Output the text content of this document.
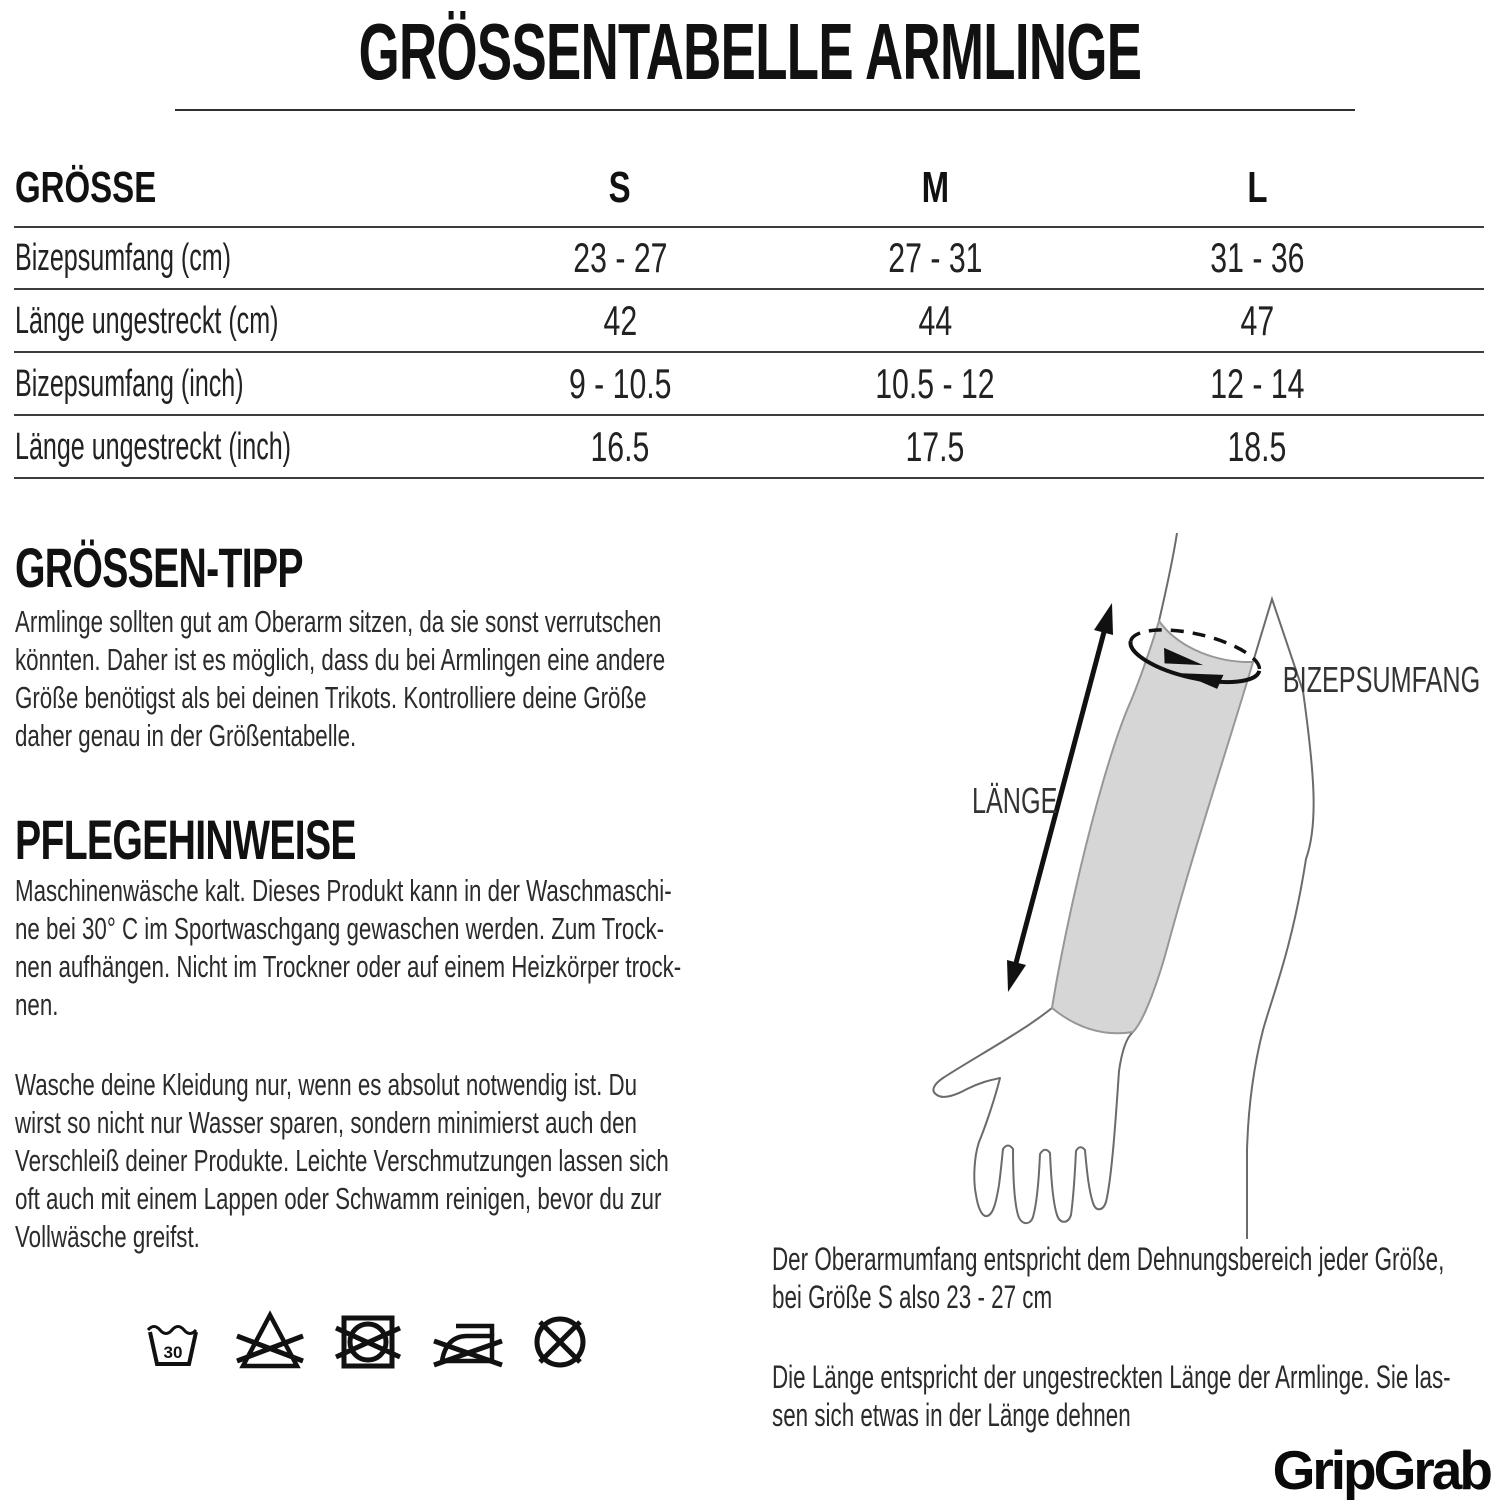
GRÖSSENTABELLE ARMLINGE
GRÖSSE	S	M	L
Bizepsumfang (cm)	23 - 27	27 - 31	31 - 36
Länge ungestreckt (cm)	42	44	47
Bizepsumfang (inch)	9 - 10.5	10.5 - 12	12 - 14
Länge ungestreckt (inch)	16.5	17.5	18.5
GRÖSSEN-TIPP
Armlinge sollten gut am Oberarm sitzen, da sie sonst verrutschen
könnten. Daher ist es möglich, dass du bei Armlingen eine andere
Größe benötigst als bei deinen Trikots. Kontrolliere deine Größe
daher genau in der Größentabelle.
PFLEGEHINWEISE
Maschinenwäsche kalt. Dieses Produkt kann in der Waschmaschi-
ne bei 30° C im Sportwaschgang gewaschen werden. Zum Trock-
nen aufhängen. Nicht im Trockner oder auf einem Heizkörper trock-
nen.
Wasche deine Kleidung nur, wenn es absolut notwendig ist. Du
wirst so nicht nur Wasser sparen, sondern minimierst auch den
Verschleiß deiner Produkte. Leichte Verschmutzungen lassen sich
oft auch mit einem Lappen oder Schwamm reinigen, bevor du zur
Vollwäsche greifst.
30
LÄNGE
BIZEPSUMFANG
Der Oberarmumfang entspricht dem Dehnungsbereich jeder Größe,
bei Größe S also 23 - 27 cm
Die Länge entspricht der ungestreckten Länge der Armlinge. Sie las-
sen sich etwas in der Länge dehnen
GripGrab
